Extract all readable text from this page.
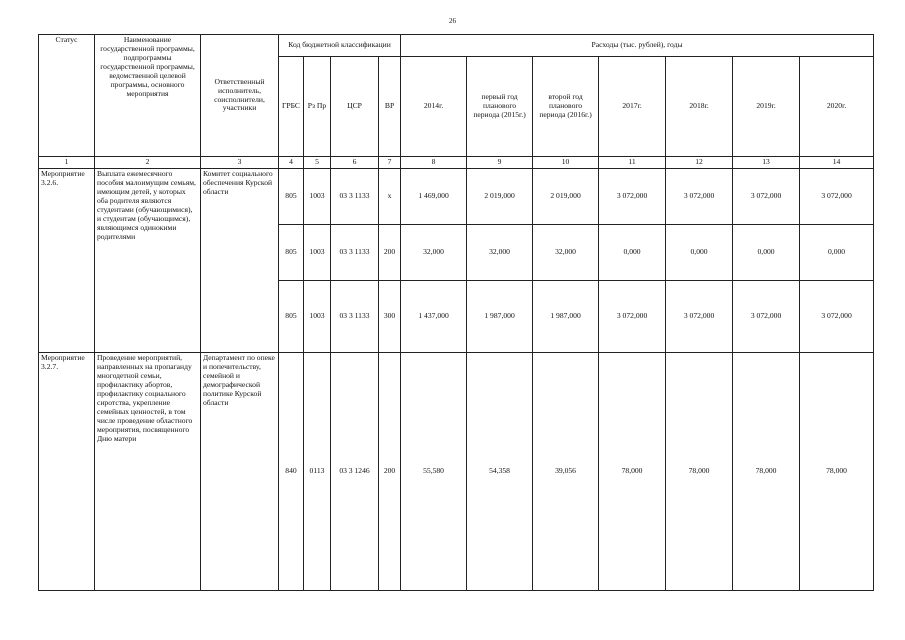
26
Статус	Наименование государственной программы, подпрограммы государственной программы, ведомственной целевой программы, основного мероприятия	Ответственный исполнитель, соисполнители, участники	Код бюджетной классификации				Расходы (тыс. рублей), годы						
			ГРБС	Рз Пр	ЦСР	ВР	2014г.	первый год планового периода (2015г.)	второй год планового периода (2016г.)	2017г.	2018г.	2019г.	2020г.
1	2	3	4	5	6	7	8	9	10	11	12	13	14
Мероприятие 3.2.6.	Выплата ежемесячного пособия малоимущим семьям, имеющим детей, у которых оба родителя являются студентами (обучающимися), и студентам (обучающимся), являющимся одинокими родителями	Комитет социального обеспечения Курской области	805	1003	03 3 1133	х	1 469,000	2 019,000	2 019,000	3 072,000	3 072,000	3 072,000	3 072,000
			805	1003	03 3 1133	200	32,000	32,000	32,000	0,000	0,000	0,000	0,000
			805	1003	03 3 1133	300	1 437,000	1 987,000	1 987,000	3 072,000	3 072,000	3 072,000	3 072,000
Мероприятие 3.2.7.	Проведение мероприятий, направленных на пропаганду многодетной семьи, профилактику абортов, профилактику социального сиротства, укрепление семейных ценностей, в том числе проведение областного мероприятия, посвященного Дню матери	Департамент по опеке и попечительству, семейной и демографической политике Курской области	840	0113	03 3 1246	200	55,580	54,358	39,056	78,000	78,000	78,000	78,000
